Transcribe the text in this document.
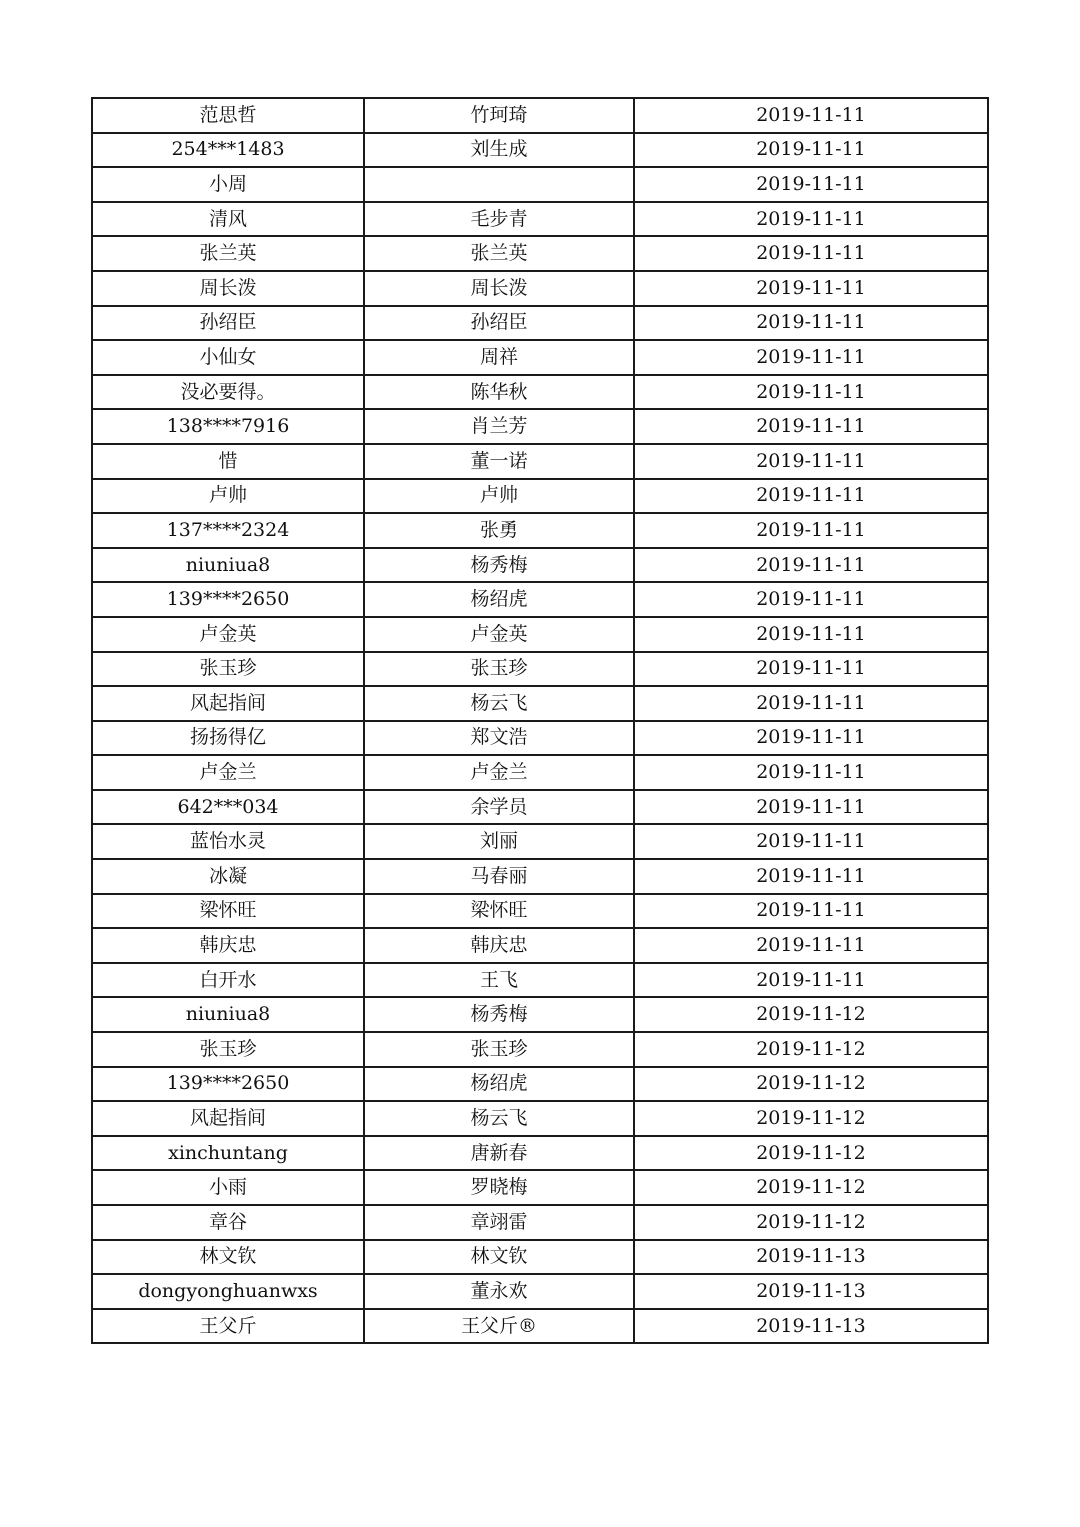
范思哲	竹珂琦	2019-11-11
254***1483	刘生成	2019-11-11
小周		2019-11-11
清风	毛步青	2019-11-11
张兰英	张兰英	2019-11-11
周长泼	周长泼	2019-11-11
孙绍臣	孙绍臣	2019-11-11
小仙女	周祥	2019-11-11
没必要得。	陈华秋	2019-11-11
138****7916	肖兰芳	2019-11-11
惜	董一诺	2019-11-11
卢帅	卢帅	2019-11-11
137****2324	张勇	2019-11-11
niuniua8	杨秀梅	2019-11-11
139****2650	杨绍虎	2019-11-11
卢金英	卢金英	2019-11-11
张玉珍	张玉珍	2019-11-11
风起指间	杨云飞	2019-11-11
扬扬得亿	郑文浩	2019-11-11
卢金兰	卢金兰	2019-11-11
642***034	余学员	2019-11-11
蓝怡水灵	刘丽	2019-11-11
冰凝	马春丽	2019-11-11
梁怀旺	梁怀旺	2019-11-11
韩庆忠	韩庆忠	2019-11-11
白开水	王飞	2019-11-11
niuniua8	杨秀梅	2019-11-12
张玉珍	张玉珍	2019-11-12
139****2650	杨绍虎	2019-11-12
风起指间	杨云飞	2019-11-12
xinchuntang	唐新春	2019-11-12
小雨	罗晓梅	2019-11-12
章谷	章翊雷	2019-11-12
林文钦	林文钦	2019-11-13
dongyonghuanwxs	董永欢	2019-11-13
王父斤	王父斤®	2019-11-13
